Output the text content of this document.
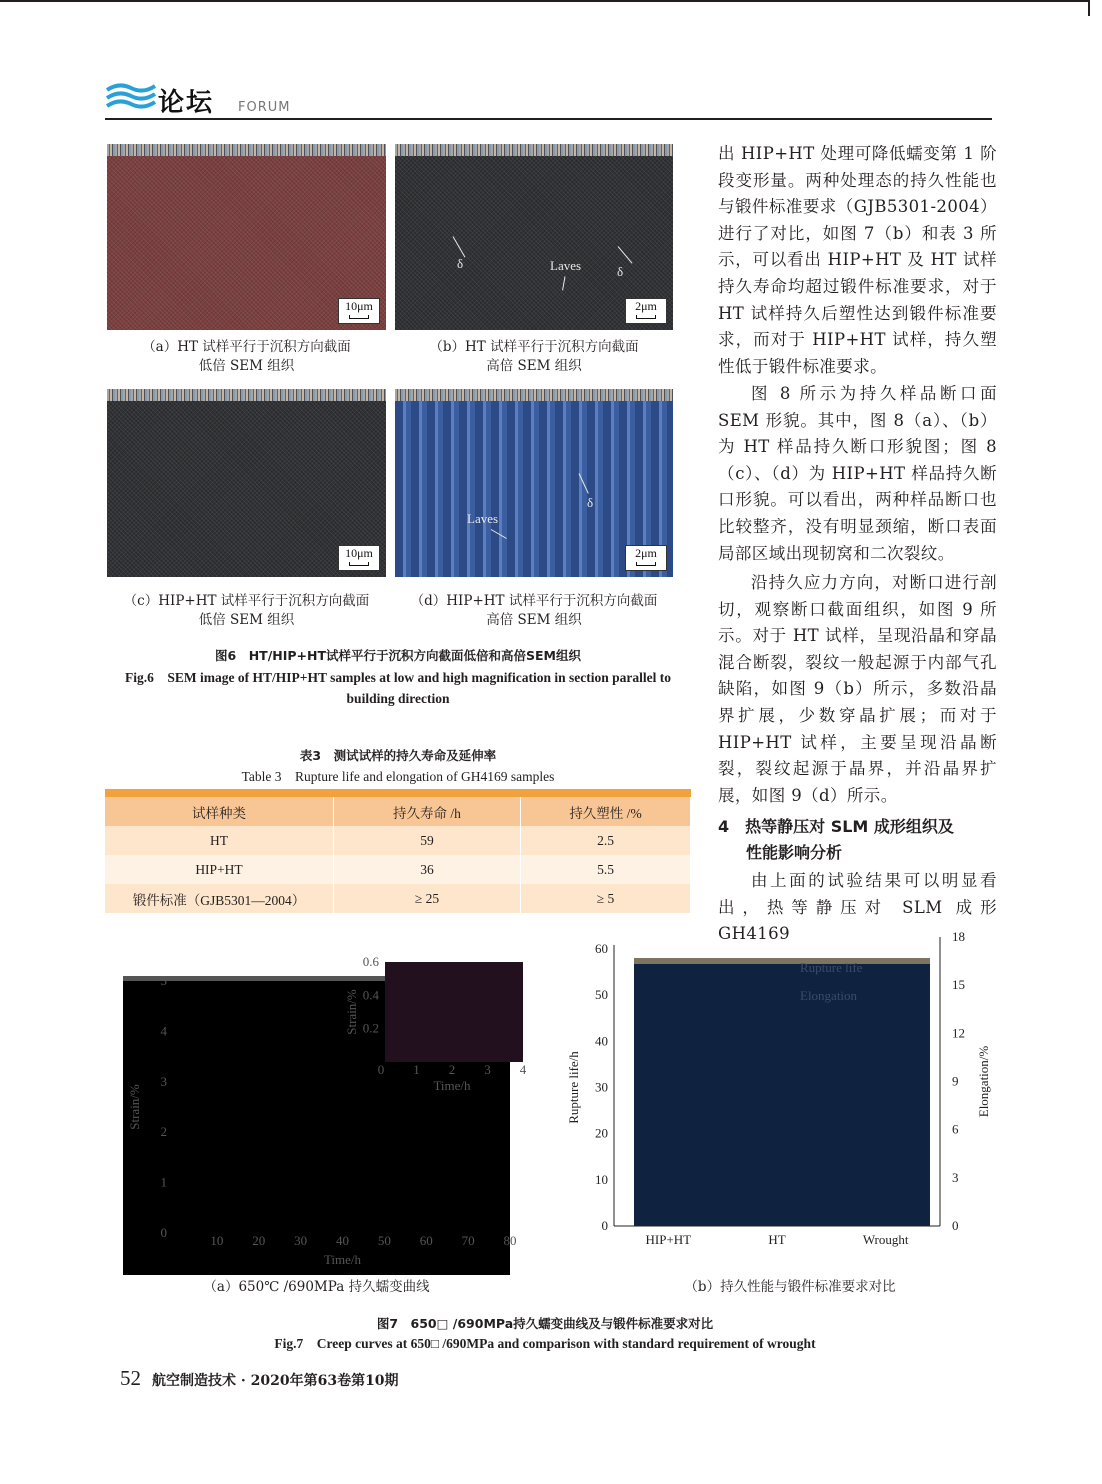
论坛 FORUM
10μm
δ	Laves	δ
2μm
（a）HT 试样平行于沉积方向截面
低倍 SEM 组织
（b）HT 试样平行于沉积方向截面
高倍 SEM 组织
10μm
δ
Laves
2μm
（c）HIP+HT 试样平行于沉积方向截面
低倍 SEM 组织
（d）HIP+HT 试样平行于沉积方向截面
高倍 SEM 组织
图6　HT/HIP+HT试样平行于沉积方向截面低倍和高倍SEM组织
Fig.6　SEM image of HT/HIP+HT samples at low and high magnification in section parallel to
building direction
表3　测试试样的持久寿命及延伸率
Table 3　Rupture life and elongation of GH4169 samples
试样种类	持久寿命 /h	持久塑性 /%
HT	59	2.5
HIP+HT	36	5.5
锻件标准（GJB5301—2004）	≥ 25	≥ 5
出 HIP+HT 处理可降低蠕变第 1 阶段变形量。两种处理态的持久性能也与锻件标准要求（GJB5301-2004）进行了对比，如图 7（b）和表 3 所示，可以看出 HIP+HT 及 HT 试样持久寿命均超过锻件标准要求，对于 HT 试样持久后塑性达到锻件标准要求，而对于 HIP+HT 试样，持久塑性低于锻件标准要求。
图 8 所示为持久样品断口面 SEM 形貌。其中，图 8（a）、（b）为 HT 样品持久断口形貌图；图 8（c）、（d）为 HIP+HT 样品持久断口形貌。可以看出，两种样品断口也比较整齐，没有明显颈缩，断口表面局部区域出现韧窝和二次裂纹。
沿持久应力方向，对断口进行剖切，观察断口截面组织，如图 9 所示。对于 HT 试样，呈现沿晶和穿晶混合断裂，裂纹一般起源于内部气孔缺陷，如图 9（b）所示，多数沿晶界扩展，少数穿晶扩展；而对于 HIP+HT 试样，主要呈现沿晶断裂，裂纹起源于晶界，并沿晶界扩展，如图 9（d）所示。
4　热等静压对 SLM 成形组织及
性能影响分析
由上面的试验结果可以明显看出，热等静压对 SLM 成形 GH4169
10 20 30 40 50 60 70 80
0
1
2
3
4
5
Time/h
Strain/%
0 1 2 3 4
0.2
0.4
0.6
Time/h
Strain/%
0
10
20
30
40
50
60
0
3
6
9
12
15
18
HIP+HT	HT	Wrought
Rupture life/h	Elongation/%
Rupture life
Elongation
（a）650℃ /690MPa 持久蠕变曲线	（b）持久性能与锻件标准要求对比
图7　650□ /690MPa持久蠕变曲线及与锻件标准要求对比
Fig.7　Creep curves at 650□ /690MPa and comparison with standard requirement of wrought
52 航空制造技术 · 2020年第63卷第10期
